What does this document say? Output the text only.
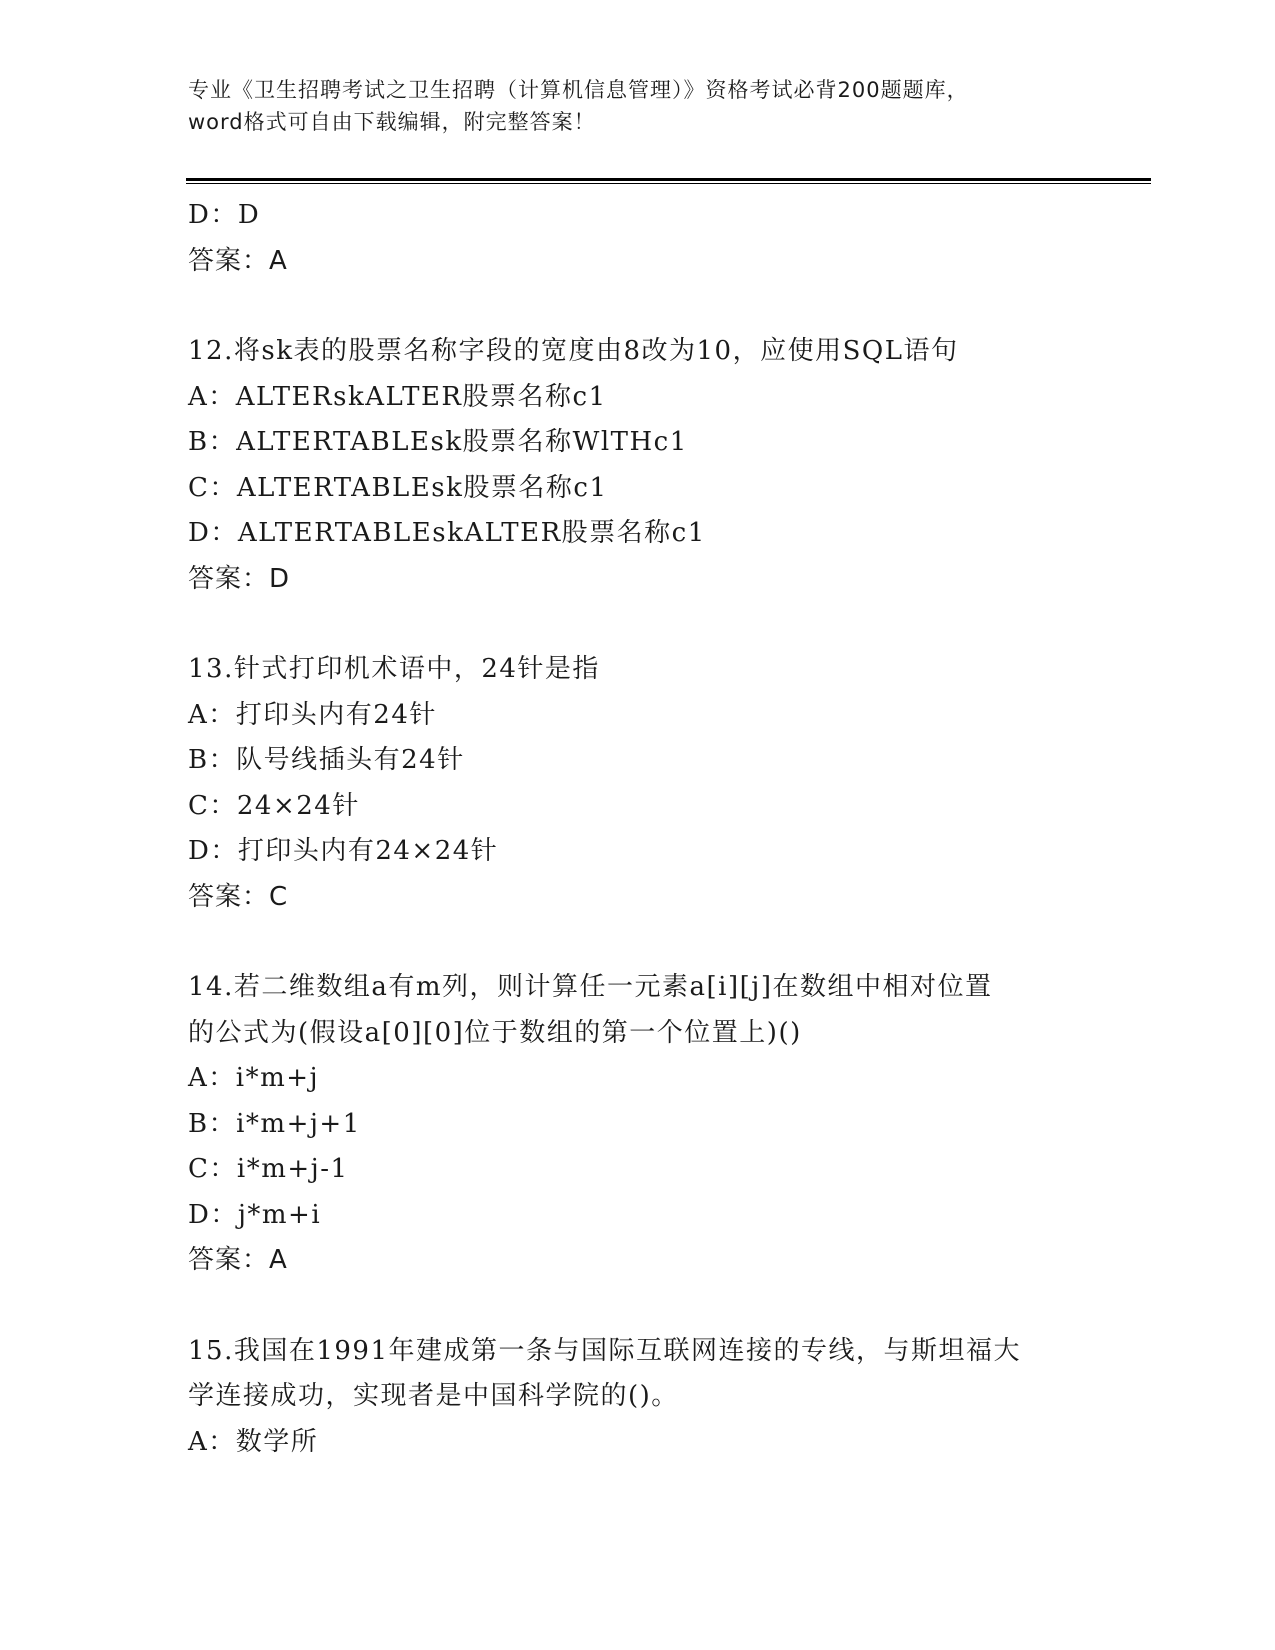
专业《卫生招聘考试之卫生招聘（计算机信息管理）》资格考试必背200题题库，
word格式可自由下载编辑，附完整答案！
D：D
答案：A
12.将sk表的股票名称字段的宽度由8改为10，应使用SQL语句
A：ALTERskALTER股票名称c1
B：ALTERTABLEsk股票名称WlTHc1
C：ALTERTABLEsk股票名称c1
D：ALTERTABLEskALTER股票名称c1
答案：D
13.针式打印机术语中，24针是指
A：打印头内有24针
B：队号线插头有24针
C：24×24针
D：打印头内有24×24针
答案：C
14.若二维数组a有m列，则计算任一元素a[i][j]在数组中相对位置
的公式为(假设a[0][0]位于数组的第一个位置上)()
A：i*m+j
B：i*m+j+1
C：i*m+j-1
D：j*m+i
答案：A
15.我国在1991年建成第一条与国际互联网连接的专线，与斯坦福大
学连接成功，实现者是中国科学院的()。
A：数学所
